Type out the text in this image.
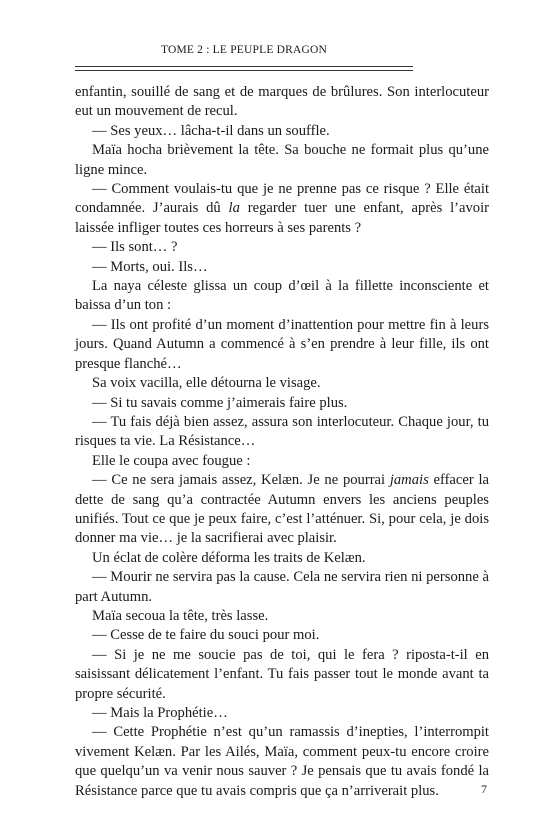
TOME 2 : LE PEUPLE DRAGON

enfantin, souillé de sang et de marques de brûlures. Son interlocuteur eut un mouvement de recul.

— Ses yeux… lâcha-t-il dans un souffle.

Maïa hocha brièvement la tête. Sa bouche ne formait plus qu’une ligne mince.

— Comment voulais-tu que je ne prenne pas ce risque ? Elle était condamnée. J’aurais dû la regarder tuer une enfant, après l’avoir laissée infliger toutes ces horreurs à ses parents ?

— Ils sont… ?

— Morts, oui. Ils…

La naya céleste glissa un coup d’œil à la fillette inconsciente et baissa d’un ton :

— Ils ont profité d’un moment d’inattention pour mettre fin à leurs jours. Quand Autumn a commencé à s’en prendre à leur fille, ils ont presque flanché…

Sa voix vacilla, elle détourna le visage.

— Si tu savais comme j’aimerais faire plus.

— Tu fais déjà bien assez, assura son interlocuteur. Chaque jour, tu risques ta vie. La Résistance…

Elle le coupa avec fougue :

— Ce ne sera jamais assez, Kelæn. Je ne pourrai jamais effacer la dette de sang qu’a contractée Autumn envers les anciens peuples unifiés. Tout ce que je peux faire, c’est l’atténuer. Si, pour cela, je dois donner ma vie… je la sacrifierai avec plaisir.

Un éclat de colère déforma les traits de Kelæn.

— Mourir ne servira pas la cause. Cela ne servira rien ni personne à part Autumn.

Maïa secoua la tête, très lasse.

— Cesse de te faire du souci pour moi.

— Si je ne me soucie pas de toi, qui le fera ? riposta-t-il en saisissant délicatement l’enfant. Tu fais passer tout le monde avant ta propre sécurité.

— Mais la Prophétie…

— Cette Prophétie n’est qu’un ramassis d’inepties, l’interrompit vivement Kelæn. Par les Ailés, Maïa, comment peux-tu encore croire que quelqu’un va venir nous sauver ? Je pensais que tu avais fondé la Résistance parce que tu avais compris que ça n’arriverait plus.	7
